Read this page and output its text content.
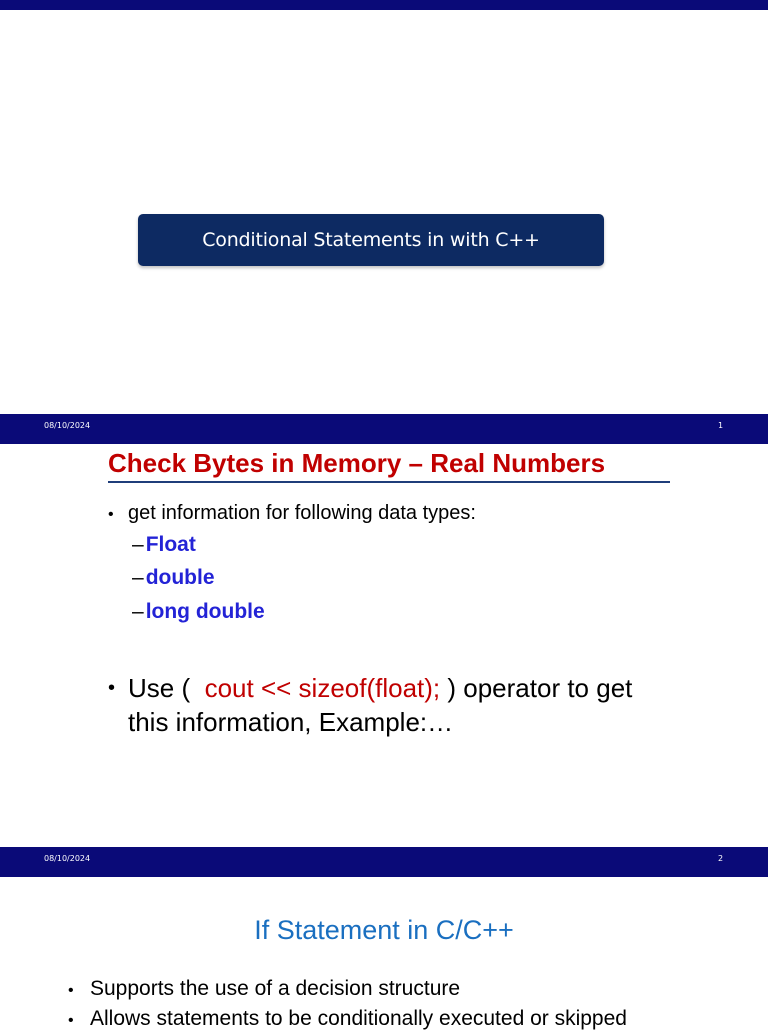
Conditional Statements in with C++
08/10/2024	1
Check Bytes in Memory – Real Numbers
• get information for following data types:
–Float
–double
–long double
• Use ( cout << sizeof(float); ) operator to get
this information, Example:…
08/10/2024	2
If Statement in C/C++
• Supports the use of a decision structure
• Allows statements to be conditionally executed or skipped
